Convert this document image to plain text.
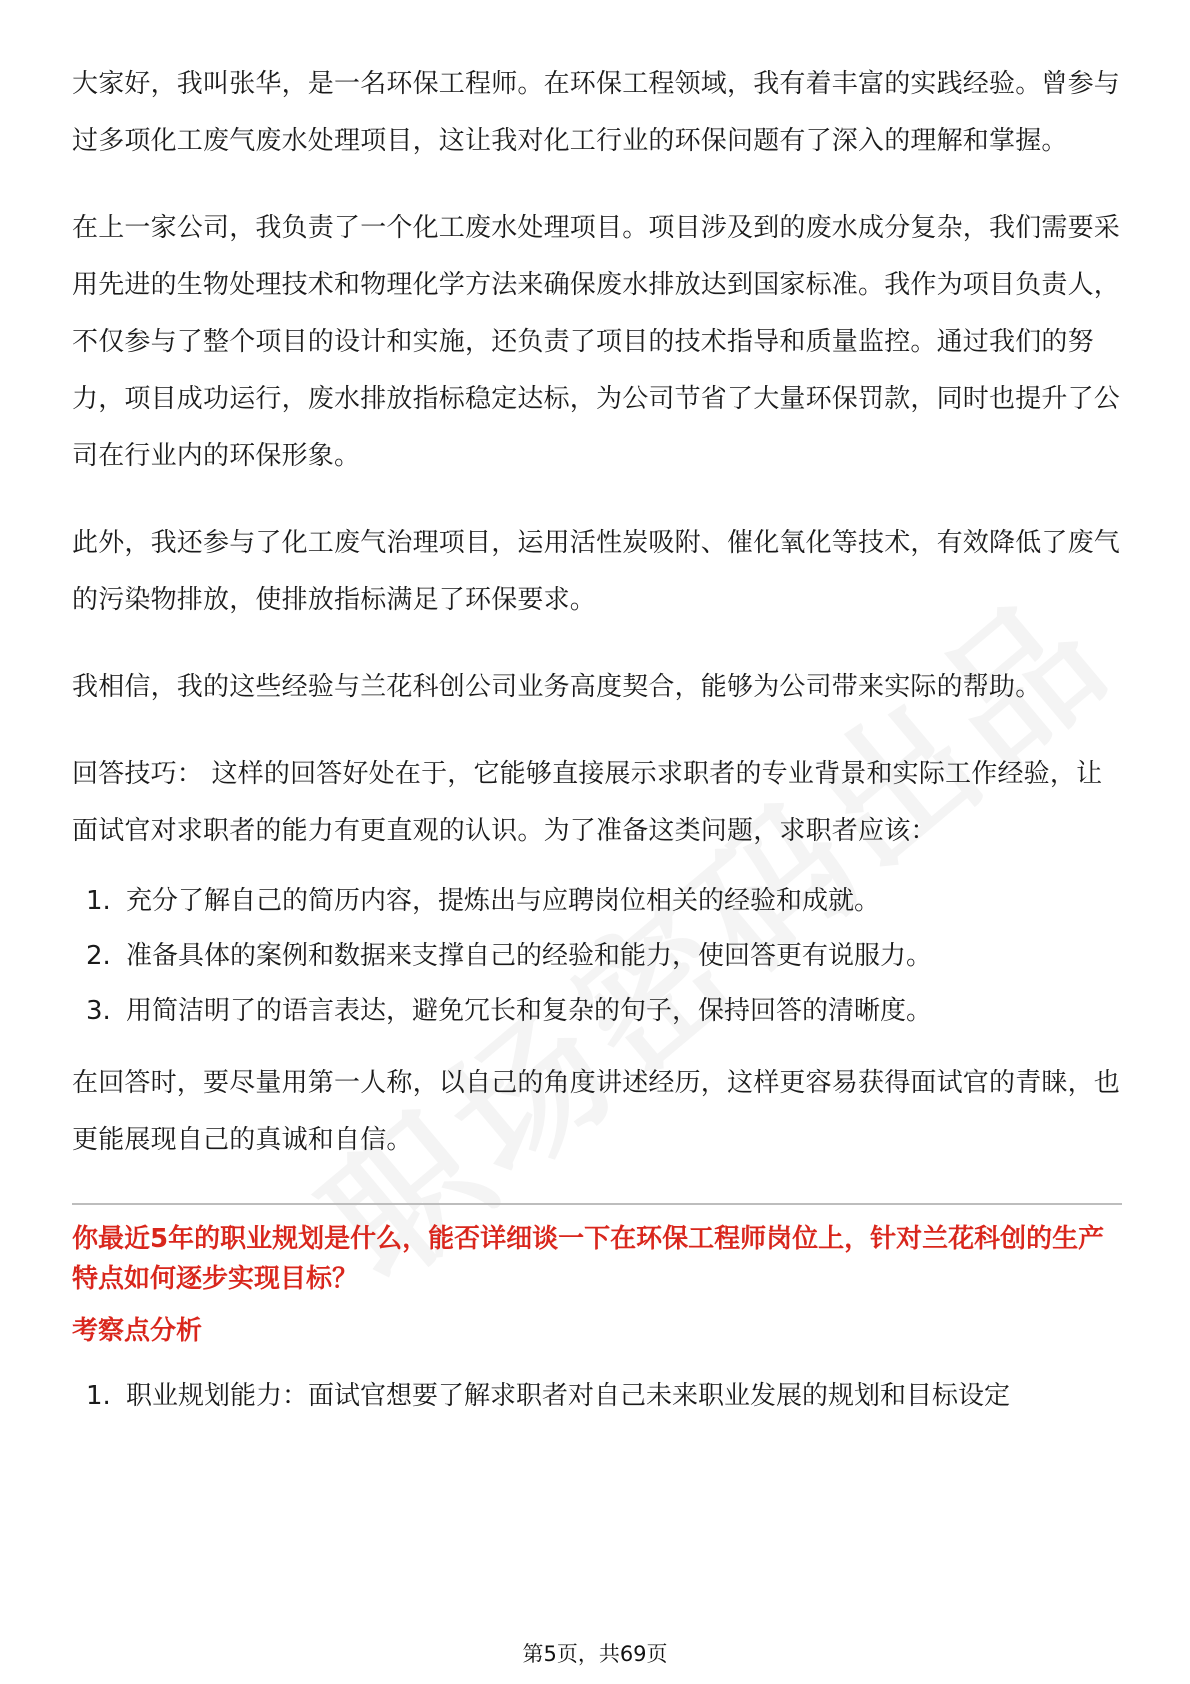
大家好，我叫张华，是一名环保工程师。在环保工程领域，我有着丰富的实践经验。曾参与过多项化工废气废水处理项目，这让我对化工行业的环保问题有了深入的理解和掌握。

在上一家公司，我负责了一个化工废水处理项目。项目涉及到的废水成分复杂，我们需要采用先进的生物处理技术和物理化学方法来确保废水排放达到国家标准。我作为项目负责人，不仅参与了整个项目的设计和实施，还负责了项目的技术指导和质量监控。通过我们的努力，项目成功运行，废水排放指标稳定达标，为公司节省了大量环保罚款，同时也提升了公司在行业内的环保形象。

此外，我还参与了化工废气治理项目，运用活性炭吸附、催化氧化等技术，有效降低了废气的污染物排放，使排放指标满足了环保要求。

我相信，我的这些经验与兰花科创公司业务高度契合，能够为公司带来实际的帮助。

回答技巧： 这样的回答好处在于，它能够直接展示求职者的专业背景和实际工作经验，让面试官对求职者的能力有更直观的认识。为了准备这类问题，求职者应该：

1. 充分了解自己的简历内容，提炼出与应聘岗位相关的经验和成就。
2. 准备具体的案例和数据来支撑自己的经验和能力，使回答更有说服力。
3. 用简洁明了的语言表达，避免冗长和复杂的句子，保持回答的清晰度。

在回答时，要尽量用第一人称，以自己的角度讲述经历，这样更容易获得面试官的青睐，也更能展现自己的真诚和自信。

你最近5年的职业规划是什么，能否详细谈一下在环保工程师岗位上，针对兰花科创的生产特点如何逐步实现目标？

考察点分析

1. 职业规划能力：面试官想要了解求职者对自己未来职业发展的规划和目标设定
第5页，共69页
